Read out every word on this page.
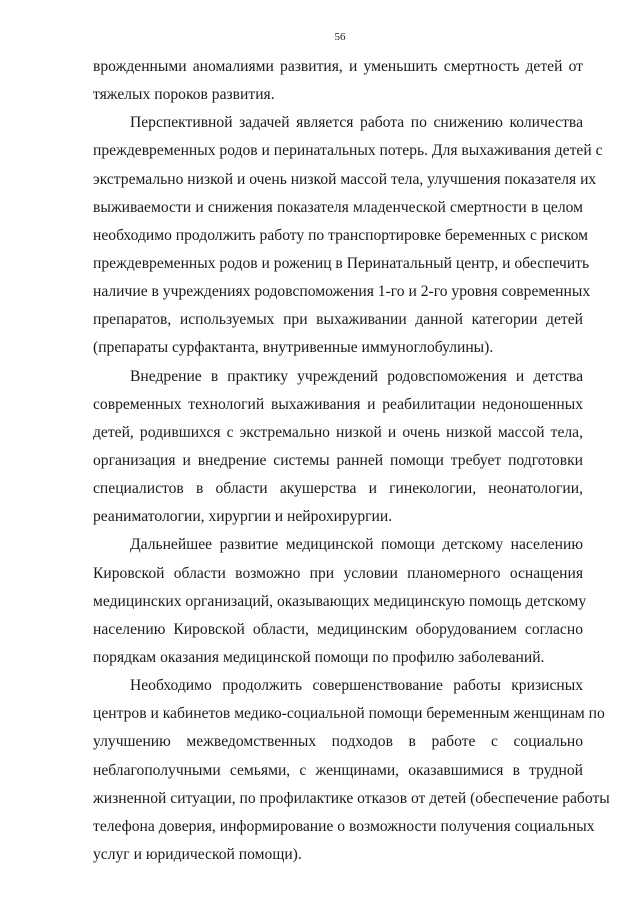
56
врожденными аномалиями развития, и уменьшить смертность детей от
тяжелых пороков развития.
Перспективной задачей является работа по снижению количества
преждевременных родов и перинатальных потерь. Для выхаживания детей с
экстремально низкой и очень низкой массой тела, улучшения показателя их
выживаемости и снижения показателя младенческой смертности в целом
необходимо продолжить работу по транспортировке беременных с риском
преждевременных родов и рожениц в Перинатальный центр, и обеспечить
наличие в учреждениях родовспоможения 1-го и 2-го уровня современных
препаратов, используемых при выхаживании данной категории детей
(препараты сурфактанта, внутривенные иммуноглобулины).
Внедрение в практику учреждений родовспоможения и детства
современных технологий выхаживания и реабилитации недоношенных
детей, родившихся с экстремально низкой и очень низкой массой тела,
организация и внедрение системы ранней помощи требует подготовки
специалистов в области акушерства и гинекологии, неонатологии,
реаниматологии, хирургии и нейрохирургии.
Дальнейшее развитие медицинской помощи детскому населению
Кировской области возможно при условии планомерного оснащения
медицинских организаций, оказывающих медицинскую помощь детскому
населению Кировской области, медицинским оборудованием согласно
порядкам оказания медицинской помощи по профилю заболеваний.
Необходимо продолжить совершенствование работы кризисных
центров и кабинетов медико-социальной помощи беременным женщинам по
улучшению межведомственных подходов в работе с социально
неблагополучными семьями, с женщинами, оказавшимися в трудной
жизненной ситуации, по профилактике отказов от детей (обеспечение работы
телефона доверия, информирование о возможности получения социальных
услуг и юридической помощи).
